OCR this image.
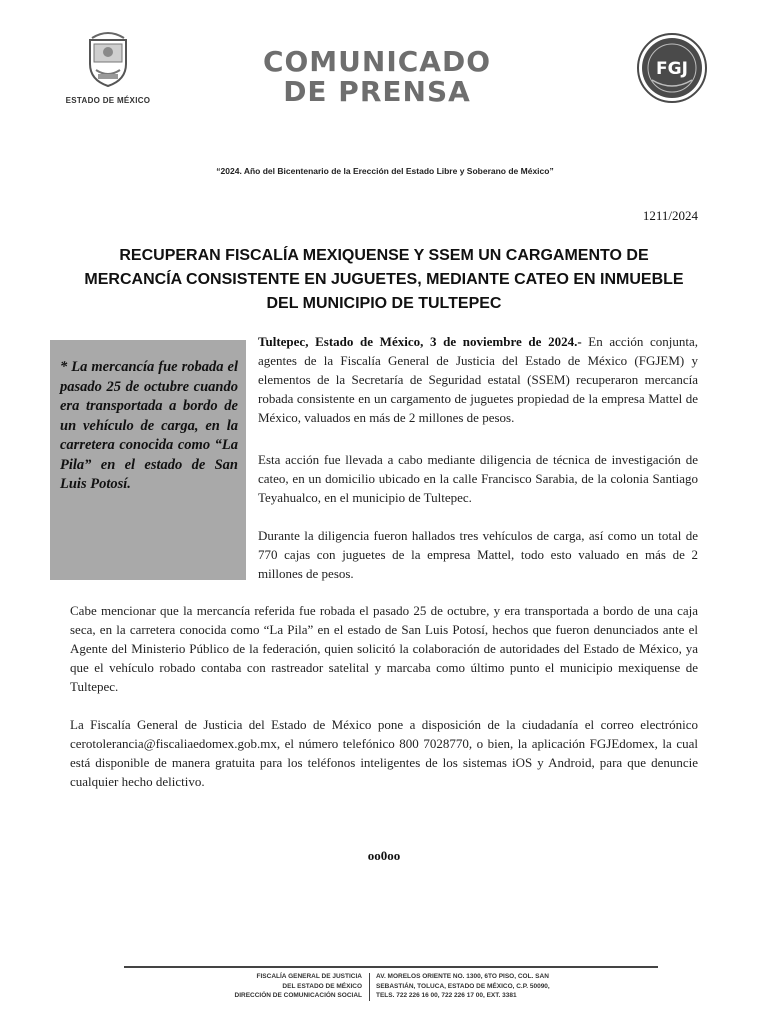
ESTADO DE MÉXICO
COMUNICADO
DE PRENSA
FGJ
“2024. Año del Bicentenario de la Erección del Estado Libre y Soberano de México”
1211/2024
RECUPERAN FISCALÍA MEXIQUENSE Y SSEM UN CARGAMENTO DE MERCANCÍA CONSISTENTE EN JUGUETES, MEDIANTE CATEO EN INMUEBLE DEL MUNICIPIO DE TULTEPEC

* La mercancía fue robada el pasado 25 de octubre cuando era transportada a bordo de un vehículo de carga, en la carretera conocida como “La Pila” en el estado de San Luis Potosí.

Tultepec, Estado de México, 3 de noviembre de 2024.- En acción conjunta, agentes de la Fiscalía General de Justicia del Estado de México (FGJEM) y elementos de la Secretaría de Seguridad estatal (SSEM) recuperaron mercancía robada consistente en un cargamento de juguetes propiedad de la empresa Mattel de México, valuados en más de 2 millones de pesos.

Esta acción fue llevada a cabo mediante diligencia de técnica de investigación de cateo, en un domicilio ubicado en la calle Francisco Sarabia, de la colonia Santiago Teyahualco, en el municipio de Tultepec.

Durante la diligencia fueron hallados tres vehículos de carga, así como un total de 770 cajas con juguetes de la empresa Mattel, todo esto valuado en más de 2 millones de pesos.

Cabe mencionar que la mercancía referida fue robada el pasado 25 de octubre, y era transportada a bordo de una caja seca, en la carretera conocida como “La Pila” en el estado de San Luis Potosí, hechos que fueron denunciados ante el Agente del Ministerio Público de la federación, quien solicitó la colaboración de autoridades del Estado de México, ya que el vehículo robado contaba con rastreador satelital y marcaba como último punto el municipio mexiquense de Tultepec.

La Fiscalía General de Justicia del Estado de México pone a disposición de la ciudadanía el correo electrónico cerotolerancia@fiscaliaedomex.gob.mx, el número telefónico 800 7028770, o bien, la aplicación FGJEdomex, la cual está disponible de manera gratuita para los teléfonos inteligentes de los sistemas iOS y Android, para que denuncie cualquier hecho delictivo.

oo0oo
FISCALÍA GENERAL DE JUSTICIA
DEL ESTADO DE MÉXICO
DIRECCIÓN DE COMUNICACIÓN SOCIAL
AV. MORELOS ORIENTE NO. 1300, 6TO PISO, COL. SAN
SEBASTIÁN, TOLUCA, ESTADO DE MÉXICO, C.P. 50090,
TELS. 722 226 16 00, 722 226 17 00, EXT. 3381
